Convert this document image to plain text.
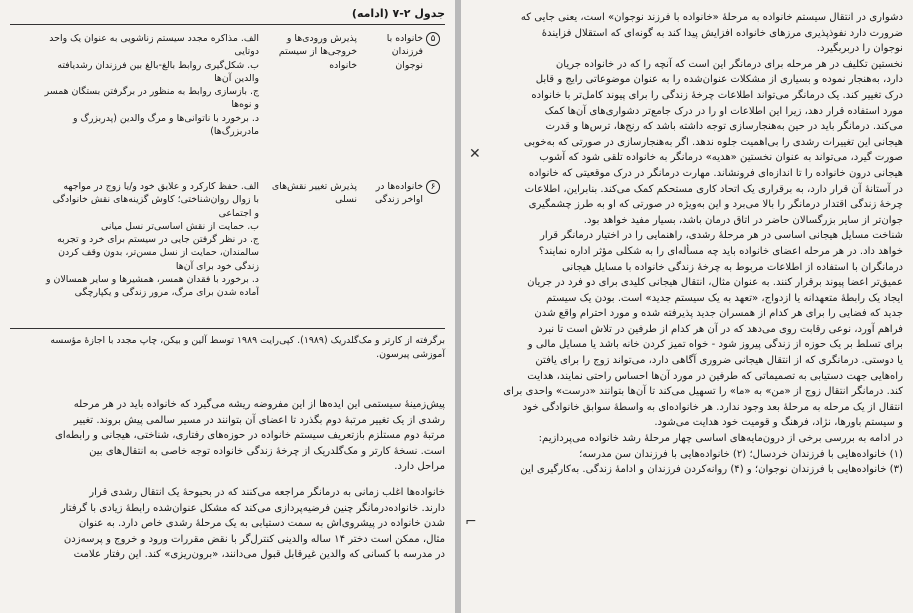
جدول ۲-۷ (ادامه)
۵

خانواده با

فرزندان

نوجوان

پذیرش ورودی‌ها و

خروجی‌ها از سیستم

خانواده

الف. مذاکره مجدد سیستم زناشویی به عنوان یک واحد

دوتایی

ب. شکل‌گیری روابط بالغ-بالغ بین فرزندان رشدیافته

والدین آن‌ها

ج. بازسازی روابط به منظور در برگرفتن بستگان همسر

و نوه‌ها

د. برخورد با ناتوانی‌ها و مرگ والدین (پدربزرگ و

مادربزرگ‌ها)

۶

خانواده‌ها در

اواخر زندگی

پذیرش تغییر نقش‌های

نسلی

الف. حفظ کارکرد و علایق خود و/یا زوج در مواجهه

با زوال روان‌شناختی؛ کاوش گزینه‌های نقش خانوادگی

و اجتماعی

ب. حمایت از نقش اساسی‌تر نسل میانی

ج. در نظر گرفتن جایی در سیستم برای خرد و تجربه

سالمندان، حمایت از نسل مسن‌تر، بدون وقف کردن

زندگی خود برای آن‌ها

د. برخورد با فقدان همسر، همشیرها و سایر همسالان و

آماده شدن برای مرگ، مرور زندگی و یکپارچگی

برگرفته از کارتر و مک‌گلدریک (۱۹۸۹). کپی‌رایت ۱۹۸۹ توسط آلین و بیکن، چاپ مجدد با اجازهٔ مؤسسه

آموزشی پیرسون.

پیش‌زمینهٔ سیستمی این ایده‌ها از این مفروضه ریشه می‌گیرد که خانواده باید در هر مرحله

رشدی از یک تغییر مرتبهٔ دوم بگذرد تا اعضای آن بتوانند در مسیر سالمی پیش بروند. تغییر

مرتبهٔ دوم مستلزم بازتعریف سیستم خانواده در حوزه‌های رفتاری، شناختی، هیجانی و رابطه‌ای

است. نسخهٔ کارتر و مک‌گلدریک از چرخهٔ زندگی خانواده توجه خاصی به انتقال‌های بین

مراحل دارد.

خانواده‌ها اغلب زمانی به درمانگر مراجعه می‌کنند که در بحبوحهٔ یک انتقال رشدی قرار

دارند. خانواده‌درمانگر چنین فرضیه‌پردازی می‌کند که مشکل عنوان‌شده رابطهٔ زیادی با گرفتار

شدن خانواده در پیشروی‌اش به سمت دستیابی به یک مرحلهٔ رشدی خاص دارد. به عنوان

مثال، ممکن است دختر ۱۴ ساله والدینی کنترل‌گر با نقض مقررات ورود و خروج و پرسه‌زدن

در مدرسه با کسانی که والدین غیرقابل قبول می‌دانند، «برون‌ریزی» کند. این رفتار علامت

دشواری در انتقال سیستم خانواده به مرحلهٔ «خانواده با فرزند نوجوان» است، یعنی جایی که

ضرورت دارد نفوذپذیری مرزهای خانواده افزایش پیدا کند به گونه‌ای که استقلال فزایندهٔ

نوجوان را دربربگیرد.

نخستین تکلیف در هر مرحله برای درمانگر این است که آنچه را که در خانواده جریان

دارد، به‌هنجار نموده و بسیاری از مشکلات عنوان‌شده را به عنوان موضوعاتی رایج و قابل

درک تغییر کند. یک درمانگر می‌تواند اطلاعات چرخهٔ زندگی را برای پیوند کامل‌تر با خانواده

مورد استفاده قرار دهد، زیرا این اطلاعات او را در درک جامع‌تر دشواری‌های آن‌ها کمک

می‌کند. درمانگر باید در حین به‌هنجارسازی توجه داشته باشد که رنج‌ها، ترس‌ها و قدرت

هیجانی این تغییرات رشدی را بی‌اهمیت جلوه ندهد. اگر به‌هنجارسازی در صورتی که به‌خوبی

صورت گیرد، می‌تواند به عنوان نخستین «هدیه» درمانگر به خانواده تلقی شود که آشوب

هیجانی درون خانواده را تا اندازه‌ای فرونشاند. مهارت درمانگر در درک موقعیتی که خانواده

در آستانهٔ آن قرار دارد، به برقراری یک اتحاد کاری مستحکم کمک می‌کند. بنابراین، اطلاعات

چرخهٔ زندگی اقتدار درمانگر را بالا می‌برد و این به‌ویژه در صورتی که او به طرز چشمگیری

جوان‌تر از سایر بزرگسالان حاضر در اتاق درمان باشد، بسیار مفید خواهد بود.

شناخت مسایل هیجانی اساسی در هر مرحلهٔ رشدی، راهنمایی را در اختیار درمانگر قرار

خواهد داد. در هر مرحله اعضای خانواده باید چه مسأله‌ای را به شکلی مؤثر اداره نمایند؟

درمانگران با استفاده از اطلاعات مربوط به چرخهٔ زندگی خانواده با مسایل هیجانی

عمیق‌تر اعضا پیوند برقرار کنند. به عنوان مثال، انتقال هیجانی کلیدی برای دو فرد در جریان

ایجاد یک رابطهٔ متعهدانه یا ازدواج، «تعهد به یک سیستم جدید» است. بودن یک سیستم

جدید که فضایی را برای هر کدام از همسران جدید پذیرفته شده و مورد احترام واقع شدن

فراهم آورد، نوعی رقابت روی می‌دهد که در آن هر کدام از طرفین در تلاش است تا نبرد

برای تسلط بر یک حوزه از زندگی پیروز شود - خواه تمیز کردن خانه باشد یا مسایل مالی و

یا دوستی. درمانگری که از انتقال هیجانی ضروری آگاهی دارد، می‌تواند زوج را برای یافتن

راه‌هایی جهت دستیابی به تصمیماتی که طرفین در مورد آن‌ها احساس راحتی نمایند، هدایت

کند. درمانگر انتقال زوج از «من» به «ما» را تسهیل می‌کند تا آن‌ها بتوانند «درست» واحدی برای

انتقال از یک مرحله به مرحلهٔ بعد وجود ندارد. هر خانواده‌ای به واسطهٔ سوابق خانوادگی خود

و سیستم باورها، نژاد، فرهنگ و قومیت خود هدایت می‌شود.

در ادامه به بررسی برخی از درون‌مایه‌های اساسی چهار مرحلهٔ رشد خانواده می‌پردازیم:

(۱) خانواده‌هایی با فرزندان خردسال؛ (۲) خانواده‌هایی با فرزندان سن مدرسه؛

(۳) خانواده‌هایی با فرزندان نوجوان؛ و (۴) روانه‌کردن فرزندان و ادامهٔ زندگی. به‌کارگیری این

✕
⌐
